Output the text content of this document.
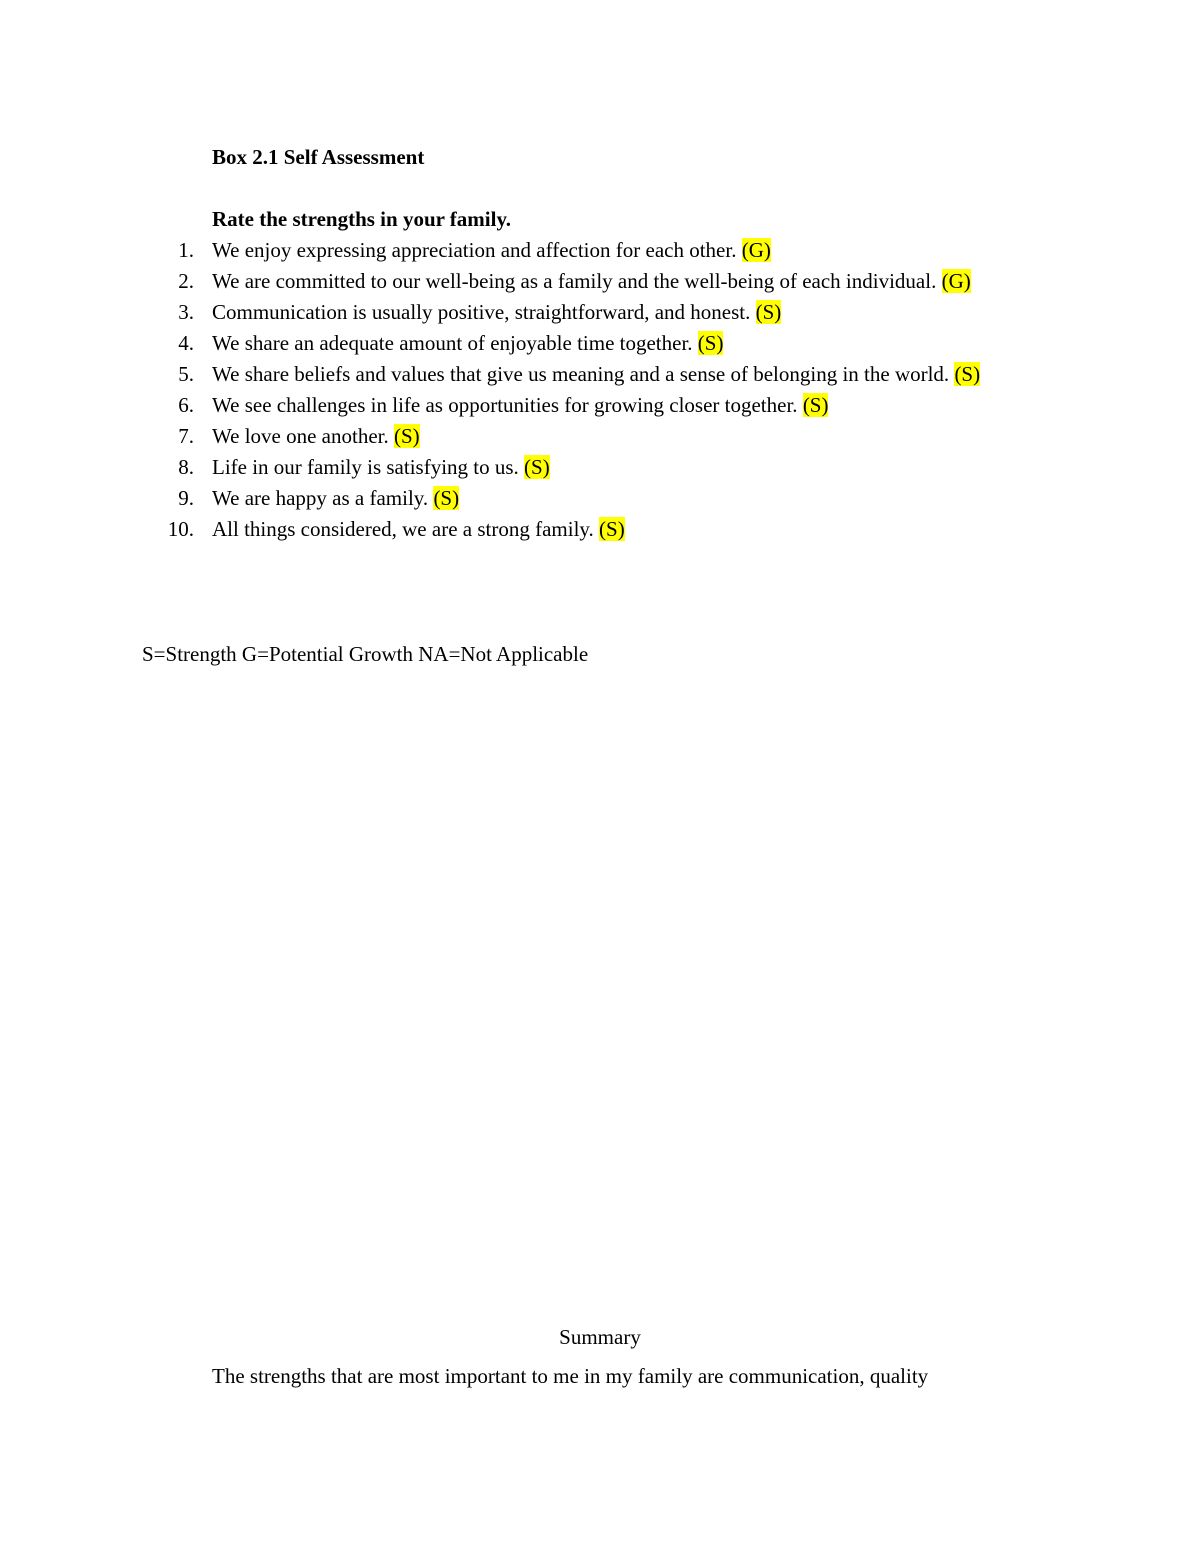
Box 2.1 Self Assessment
Rate the strengths in your family.
1. We enjoy expressing appreciation and affection for each other. (G)
2. We are committed to our well-being as a family and the well-being of each individual. (G)
3. Communication is usually positive, straightforward, and honest. (S)
4. We share an adequate amount of enjoyable time together. (S)
5. We share beliefs and values that give us meaning and a sense of belonging in the world. (S)
6. We see challenges in life as opportunities for growing closer together. (S)
7. We love one another. (S)
8. Life in our family is satisfying to us. (S)
9. We are happy as a family. (S)
10. All things considered, we are a strong family. (S)
S=Strength G=Potential Growth NA=Not Applicable
Summary
The strengths that are most important to me in my family are communication, quality
